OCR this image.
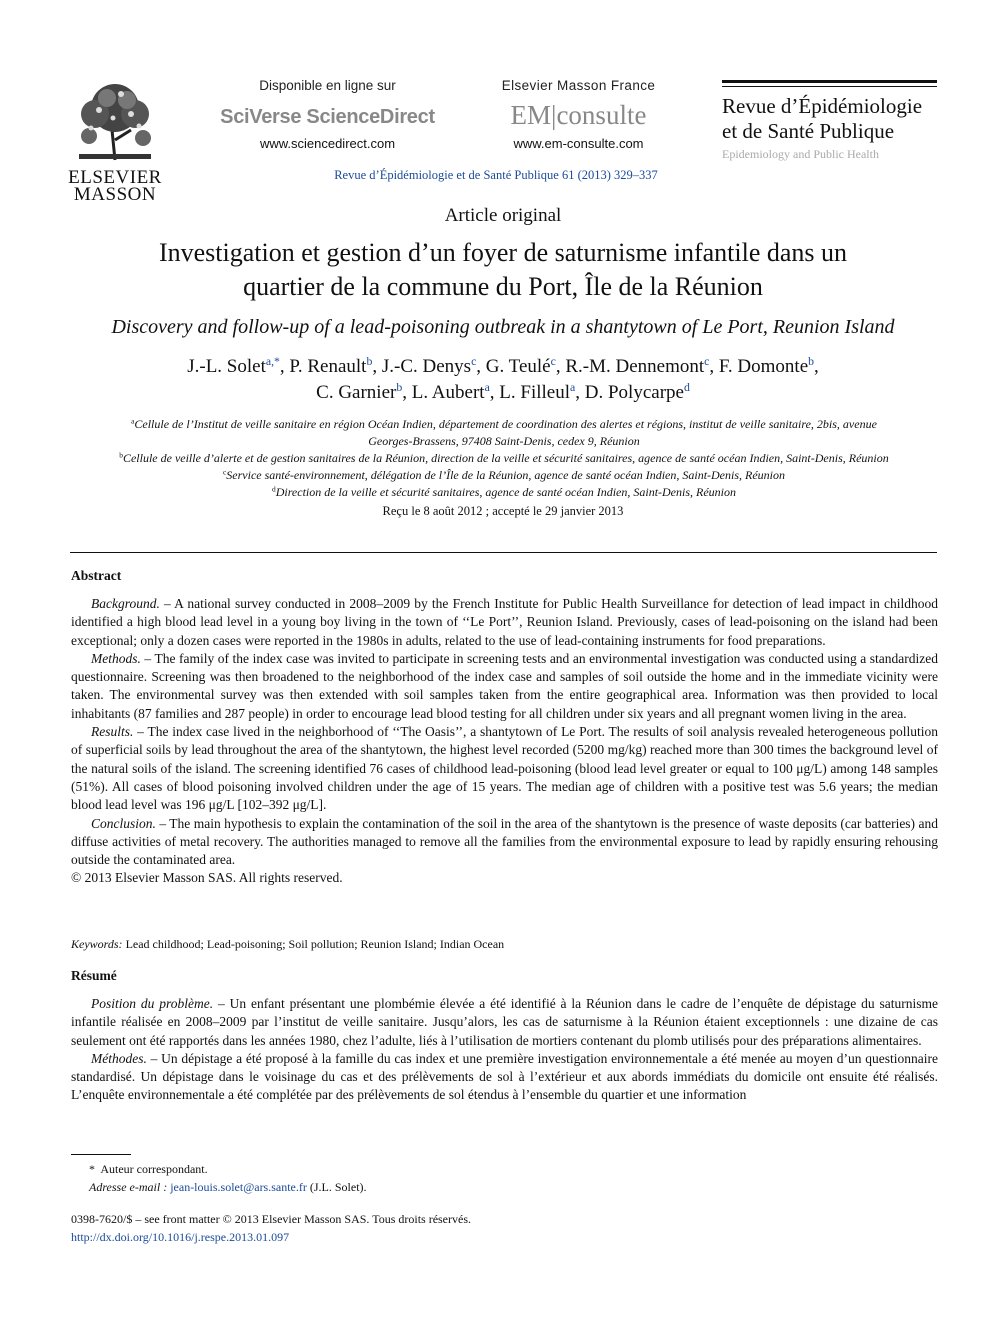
ELSEVIER
MASSON
Disponible en ligne sur
SciVerse ScienceDirect
www.sciencedirect.com
Elsevier Masson France
EM|consulte
www.em-consulte.com
Revue d’Épidémiologie
et de Santé Publique
Epidemiology and Public Health
Revue d’Épidémiologie et de Santé Publique 61 (2013) 329–337
Article original
Investigation et gestion d’un foyer de saturnisme infantile dans un
quartier de la commune du Port, Île de la Réunion
Discovery and follow-up of a lead-poisoning outbreak in a shantytown of Le Port, Reunion Island
J.-L. Solet$^{a,*}$, P. Renault$^b$, J.-C. Denys$^c$, G. Teulé$^c$, R.-M. Dennemont$^c$, F. Domonte$^b$,
C. Garnier$^b$, L. Aubert$^a$, L. Filleul$^a$, D. Polycarpe$^d$
$^a$Cellule de l’Institut de veille sanitaire en région Océan Indien, département de coordination des alertes et régions, institut de veille sanitaire, 2bis, avenue
Georges-Brassens, 97408 Saint-Denis, cedex 9, Réunion
$^b$Cellule de veille d’alerte et de gestion sanitaires de la Réunion, direction de la veille et sécurité sanitaires, agence de santé océan Indien, Saint-Denis, Réunion
$^c$Service santé-environnement, délégation de l’Île de la Réunion, agence de santé océan Indien, Saint-Denis, Réunion
$^d$Direction de la veille et sécurité sanitaires, agence de santé océan Indien, Saint-Denis, Réunion
Reçu le 8 août 2012 ; accepté le 29 janvier 2013
Abstract

Background. – A national survey conducted in 2008–2009 by the French Institute for Public Health Surveillance for detection of lead impact in childhood identified a high blood lead level in a young boy living in the town of ‘‘Le Port’’, Reunion Island. Previously, cases of lead-poisoning on the island had been exceptional; only a dozen cases were reported in the 1980s in adults, related to the use of lead-containing instruments for food preparations.

Methods. – The family of the index case was invited to participate in screening tests and an environmental investigation was conducted using a standardized questionnaire. Screening was then broadened to the neighborhood of the index case and samples of soil outside the home and in the immediate vicinity were taken. The environmental survey was then extended with soil samples taken from the entire geographical area. Information was then provided to local inhabitants (87 families and 287 people) in order to encourage lead blood testing for all children under six years and all pregnant women living in the area.

Results. – The index case lived in the neighborhood of ‘‘The Oasis’’, a shantytown of Le Port. The results of soil analysis revealed heterogeneous pollution of superficial soils by lead throughout the area of the shantytown, the highest level recorded (5200 mg/kg) reached more than 300 times the background level of the natural soils of the island. The screening identified 76 cases of childhood lead-poisoning (blood lead level greater or equal to 100 μg/L) among 148 samples (51%). All cases of blood poisoning involved children under the age of 15 years. The median age of children with a positive test was 5.6 years; the median blood lead level was 196 μg/L [102–392 μg/L].

Conclusion. – The main hypothesis to explain the contamination of the soil in the area of the shantytown is the presence of waste deposits (car batteries) and diffuse activities of metal recovery. The authorities managed to remove all the families from the environmental exposure to lead by rapidly ensuring rehousing outside the contaminated area.

© 2013 Elsevier Masson SAS. All rights reserved.
Keywords: Lead childhood; Lead-poisoning; Soil pollution; Reunion Island; Indian Ocean
Résumé

Position du problème. – Un enfant présentant une plombémie élevée a été identifié à la Réunion dans le cadre de l’enquête de dépistage du saturnisme infantile réalisée en 2008–2009 par l’institut de veille sanitaire. Jusqu’alors, les cas de saturnisme à la Réunion étaient exceptionnels : une dizaine de cas seulement ont été rapportés dans les années 1980, chez l’adulte, liés à l’utilisation de mortiers contenant du plomb utilisés pour des préparations alimentaires.

Méthodes. – Un dépistage a été proposé à la famille du cas index et une première investigation environnementale a été menée au moyen d’un questionnaire standardisé. Un dépistage dans le voisinage du cas et des prélèvements de sol à l’extérieur et aux abords immédiats du domicile ont ensuite été réalisés. L’enquête environnementale a été complétée par des prélèvements de sol étendus à l’ensemble du quartier et une information

* Auteur correspondant.
Adresse e-mail : jean-louis.solet@ars.sante.fr (J.L. Solet).
0398-7620/$ – see front matter © 2013 Elsevier Masson SAS. Tous droits réservés.
http://dx.doi.org/10.1016/j.respe.2013.01.097
